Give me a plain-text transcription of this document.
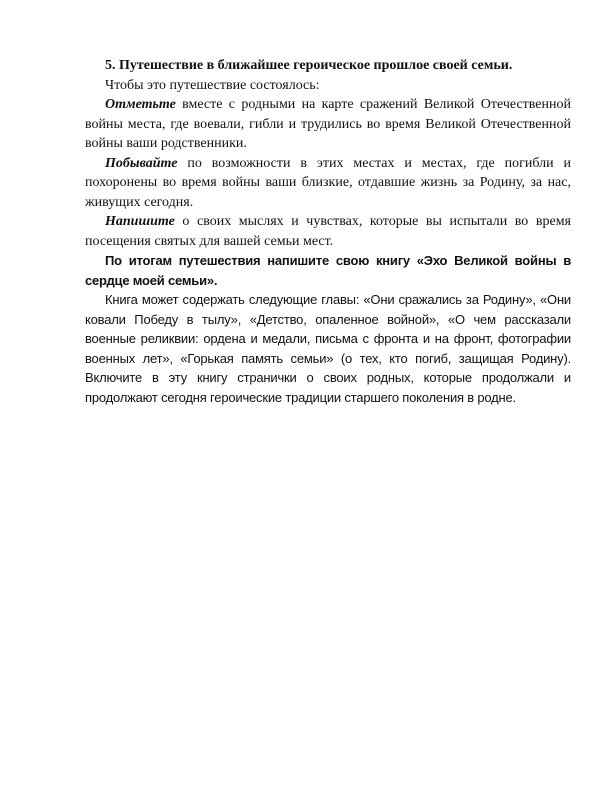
5. Путешествие в ближайшее героическое прошлое своей семьи.

Чтобы это путешествие состоялось:

Отметьте вместе с родными на карте сражений Великой Отечественной войны места, где воевали, гибли и трудились во время Великой Отечественной войны ваши родственники.

Побывайте по возможности в этих местах и местах, где погибли и похоронены во время войны ваши близкие, отдавшие жизнь за Родину, за нас, живущих сегодня.

Напишите о своих мыслях и чувствах, которые вы испытали во время посещения святых для вашей семьи мест.

По итогам путешествия напишите свою книгу «Эхо Великой войны в сердце моей семьи».

Книга может содержать следующие главы: «Они сражались за Родину», «Они ковали Победу в тылу», «Детство, опаленное войной», «О чем рассказали военные реликвии: ордена и медали, письма с фронта и на фронт, фотографии военных лет», «Горькая память семьи» (о тех, кто погиб, защищая Родину). Включите в эту книгу странички о своих родных, которые продолжали и продолжают сегодня героические традиции старшего поколения в родне.
